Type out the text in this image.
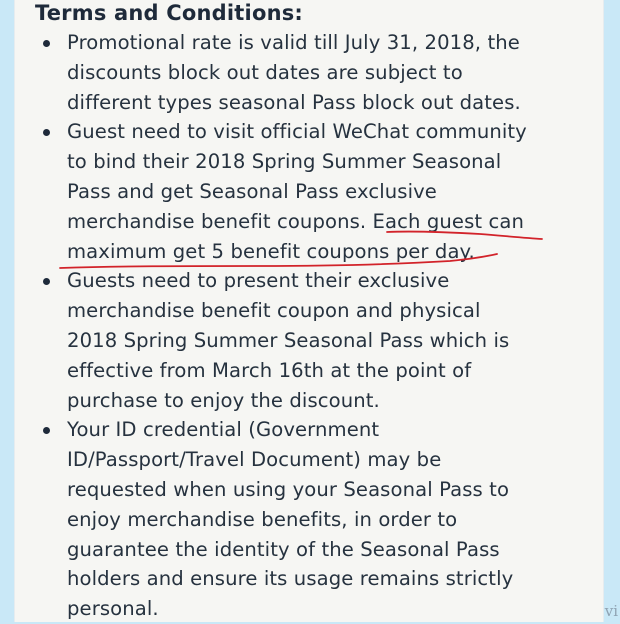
Terms and Conditions:
Promotional rate is valid till July 31, 2018, the
discounts block out dates are subject to
different types seasonal Pass block out dates.
Guest need to visit official WeChat community
to bind their 2018 Spring Summer Seasonal
Pass and get Seasonal Pass exclusive
merchandise benefit coupons. Each guest can
maximum get 5 benefit coupons per day.
Guests need to present their exclusive
merchandise benefit coupon and physical
2018 Spring Summer Seasonal Pass which is
effective from March 16th at the point of
purchase to enjoy the discount.
Your ID credential (Government
ID/Passport/Travel Document) may be
requested when using your Seasonal Pass to
enjoy merchandise benefits, in order to
guarantee the identity of the Seasonal Pass
holders and ensure its usage remains strictly
personal.	vi
